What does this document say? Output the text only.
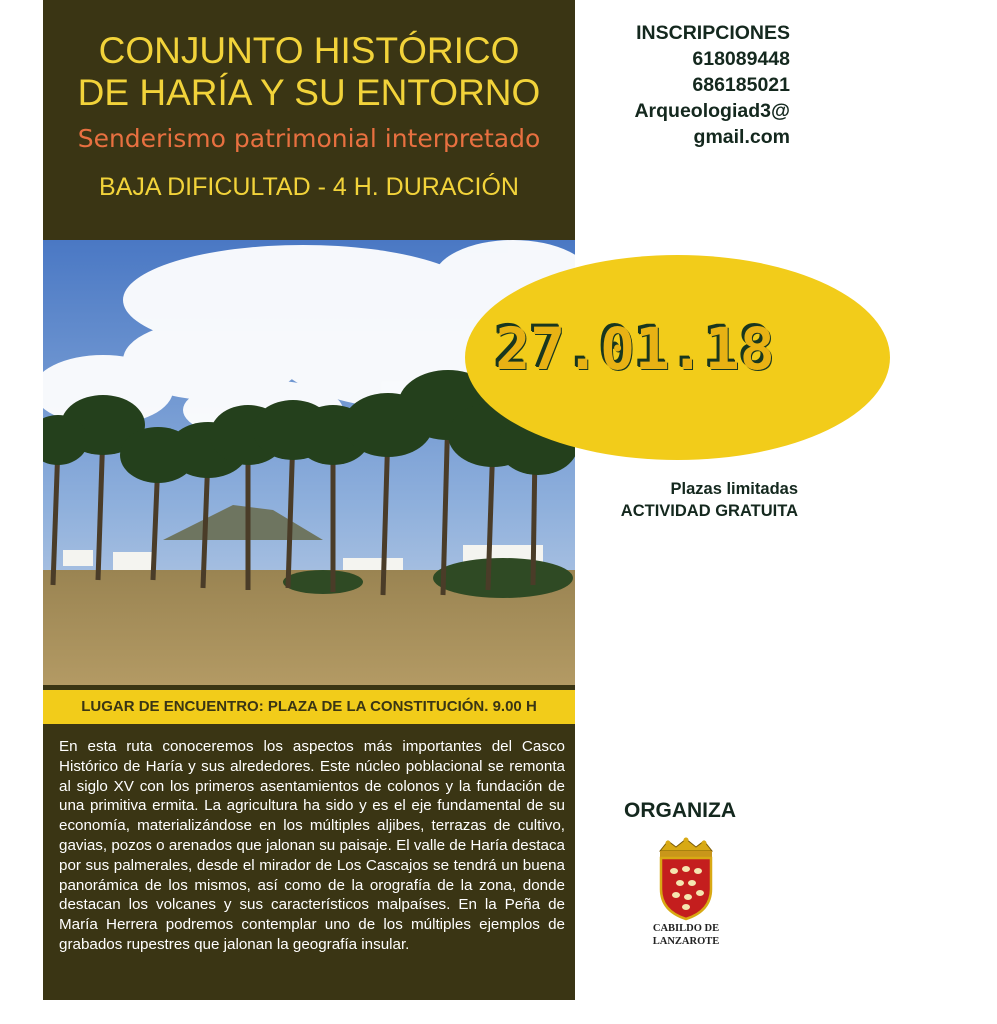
CONJUNTO HISTÓRICO
DE HARÍA Y SU ENTORNO
Senderismo patrimonial interpretado
BAJA DIFICULTAD - 4 H. DURACIÓN
LUGAR DE ENCUENTRO: PLAZA DE LA CONSTITUCIÓN. 9.00 H

En esta ruta conoceremos los aspectos más importantes del Casco Histórico de Haría y sus alrededores. Este núcleo poblacional se remonta al siglo XV con los primeros asentamientos de colonos y la fundación de una primitiva ermita. La agricultura ha sido y es el eje fundamental de su economía, materializándose en los múltiples aljibes, terrazas de cultivo, gavias, pozos o arenados que jalonan su paisaje. El valle de Haría destaca por sus palmerales, desde el mirador de Los Cascajos se tendrá un buena panorámica de los mismos, así como de la orografía de la zona, donde destacan los volcanes y sus característicos malpaíses. En la Peña de María Herrera podremos contemplar uno de los múltiples ejemplos de grabados rupestres que jalonan la geografía insular.

INSCRIPCIONES
618089448
686185021
Arqueologiad3@
gmail.com
27.01.18
Plazas limitadas
ACTIVIDAD GRATUITA
ORGANIZA
CABILDO DE
LANZAROTE
